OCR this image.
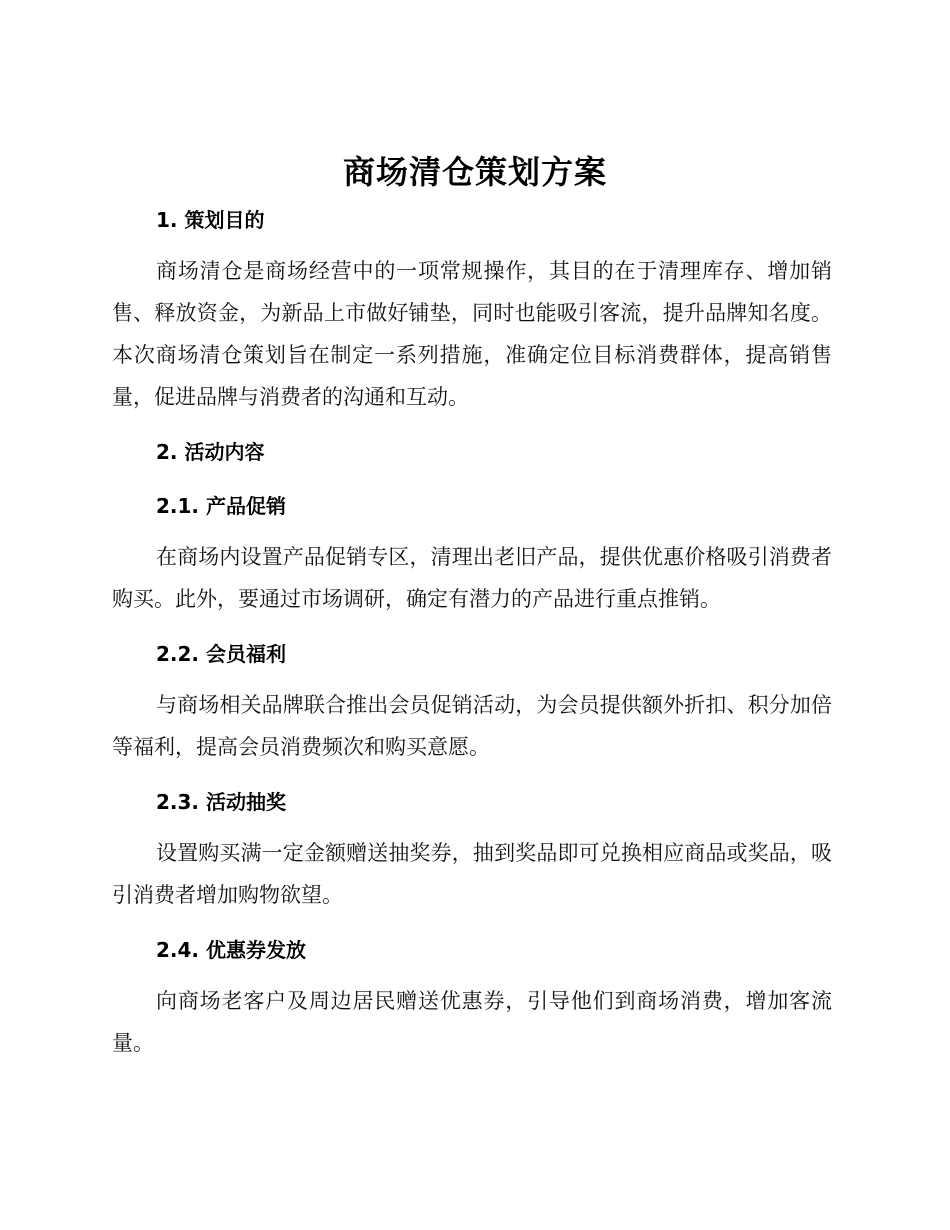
商场清仓策划方案
1. 策划目的

商场清仓是商场经营中的一项常规操作，其目的在于清理库存、增加销售、释放资金，为新品上市做好铺垫，同时也能吸引客流，提升品牌知名度。本次商场清仓策划旨在制定一系列措施，准确定位目标消费群体，提高销售量，促进品牌与消费者的沟通和互动。

2. 活动内容
2.1. 产品促销

在商场内设置产品促销专区，清理出老旧产品，提供优惠价格吸引消费者购买。此外，要通过市场调研，确定有潜力的产品进行重点推销。

2.2. 会员福利

与商场相关品牌联合推出会员促销活动，为会员提供额外折扣、积分加倍等福利，提高会员消费频次和购买意愿。

2.3. 活动抽奖

设置购买满一定金额赠送抽奖券，抽到奖品即可兑换相应商品或奖品，吸引消费者增加购物欲望。

2.4. 优惠券发放

向商场老客户及周边居民赠送优惠券，引导他们到商场消费，增加客流量。
